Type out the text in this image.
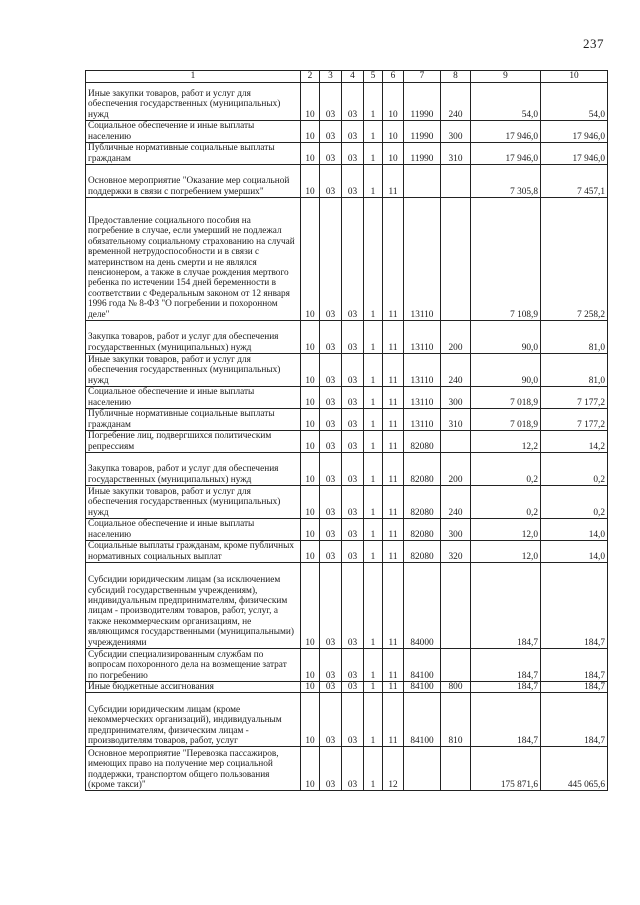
237
1	2	3	4	5	6	7	8	9	10
Иные закупки товаров, работ и услуг для обеспечения государственных (муниципальных) нужд	10	03	03	1	10	11990	240	54,0	54,0
Социальное обеспечение и иные выплаты населению	10	03	03	1	10	11990	300	17 946,0	17 946,0
Публичные нормативные социальные выплаты гражданам	10	03	03	1	10	11990	310	17 946,0	17 946,0
Основное мероприятие "Оказание мер социальной поддержки в связи с погребением умерших"	10	03	03	1	11			7 305,8	7 457,1
Предоставление социального пособия на погребение в случае, если умерший не подлежал обязательному социальному страхованию на случай временной нетрудоспособности и в связи с материнством на день смерти и не являлся пенсионером, а также в случае рождения мертвого ребенка по истечении 154 дней беременности в соответствии с Федеральным законом от 12 января 1996 года № 8-ФЗ "О погребении и похоронном деле"	10	03	03	1	11	13110		7 108,9	7 258,2
Закупка товаров, работ и услуг для обеспечения государственных (муниципальных) нужд	10	03	03	1	11	13110	200	90,0	81,0
Иные закупки товаров, работ и услуг для обеспечения государственных (муниципальных) нужд	10	03	03	1	11	13110	240	90,0	81,0
Социальное обеспечение и иные выплаты населению	10	03	03	1	11	13110	300	7 018,9	7 177,2
Публичные нормативные социальные выплаты гражданам	10	03	03	1	11	13110	310	7 018,9	7 177,2
Погребение лиц, подвергшихся политическим репрессиям	10	03	03	1	11	82080		12,2	14,2
Закупка товаров, работ и услуг для обеспечения государственных (муниципальных) нужд	10	03	03	1	11	82080	200	0,2	0,2
Иные закупки товаров, работ и услуг для обеспечения государственных (муниципальных) нужд	10	03	03	1	11	82080	240	0,2	0,2
Социальное обеспечение и иные выплаты населению	10	03	03	1	11	82080	300	12,0	14,0
Социальные выплаты гражданам, кроме публичных нормативных социальных выплат	10	03	03	1	11	82080	320	12,0	14,0
Субсидии юридическим лицам (за исключением субсидий государственным учреждениям), индивидуальным предпринимателям, физическим лицам - производителям товаров, работ, услуг, а также некоммерческим организациям, не являющимся государственными (муниципальными) учреждениями	10	03	03	1	11	84000		184,7	184,7
Субсидии специализированным службам по вопросам похоронного дела на возмещение затрат по погребению	10	03	03	1	11	84100		184,7	184,7
Иные бюджетные ассигнования	10	03	03	1	11	84100	800	184,7	184,7
Субсидии юридическим лицам (кроме некоммерческих организаций), индивидуальным предпринимателям, физическим лицам - производителям товаров, работ, услуг	10	03	03	1	11	84100	810	184,7	184,7
Основное мероприятие "Перевозка пассажиров, имеющих право на получение мер социальной поддержки, транспортом общего пользования (кроме такси)"	10	03	03	1	12			175 871,6	445 065,6
